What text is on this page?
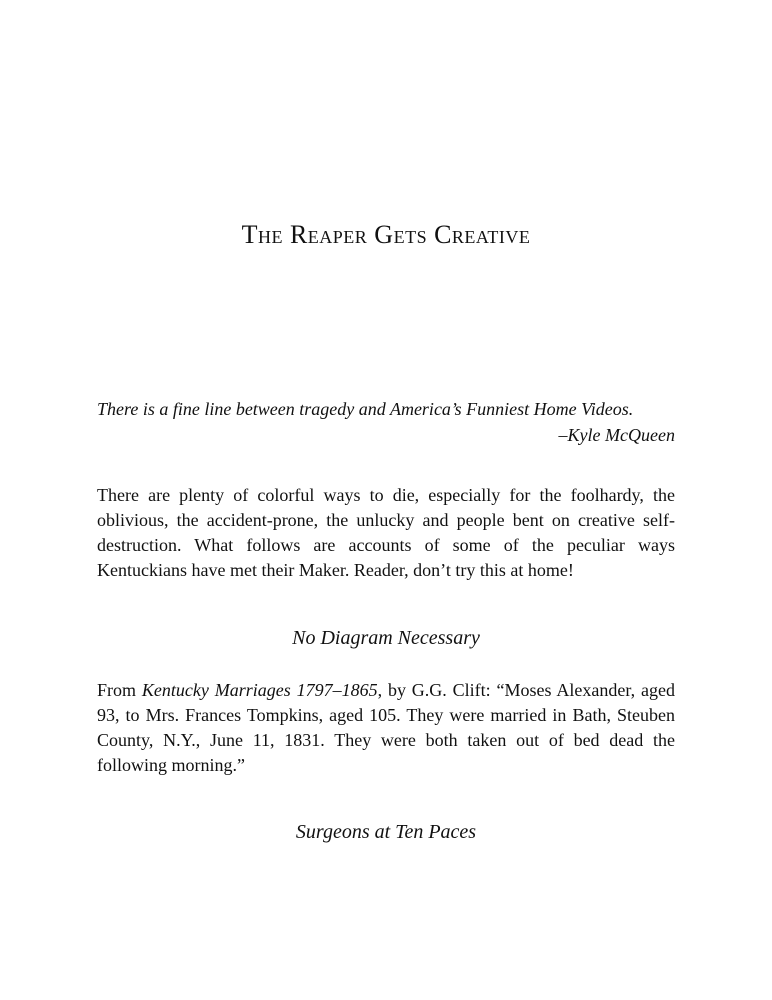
The Reaper Gets Creative

There is a fine line between tragedy and America’s Funniest Home Videos.

–Kyle McQueen

There are plenty of colorful ways to die, especially for the foolhardy, the oblivious, the accident-prone, the unlucky and people bent on creative self-destruction. What follows are accounts of some of the peculiar ways Kentuckians have met their Maker. Reader, don’t try this at home!

No Diagram Necessary

From Kentucky Marriages 1797–1865, by G.G. Clift: “Moses Alexander, aged 93, to Mrs. Frances Tompkins, aged 105. They were married in Bath, Steuben County, N.Y., June 11, 1831. They were both taken out of bed dead the following morning.”

Surgeons at Ten Paces
